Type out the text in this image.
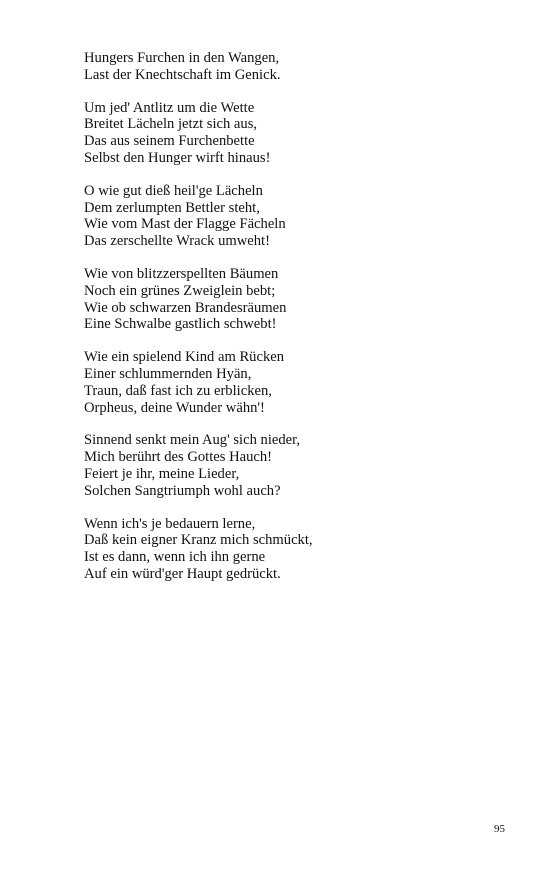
Hungers Furchen in den Wangen,
Last der Knechtschaft im Genick.
Um jed' Antlitz um die Wette
Breitet Lächeln jetzt sich aus,
Das aus seinem Furchenbette
Selbst den Hunger wirft hinaus!
O wie gut dieß heil'ge Lächeln
Dem zerlumpten Bettler steht,
Wie vom Mast der Flagge Fächeln
Das zerschellte Wrack umweht!
Wie von blitzzerspellten Bäumen
Noch ein grünes Zweiglein bebt;
Wie ob schwarzen Brandesräumen
Eine Schwalbe gastlich schwebt!
Wie ein spielend Kind am Rücken
Einer schlummernden Hyän,
Traun, daß fast ich zu erblicken,
Orpheus, deine Wunder wähn'!
Sinnend senkt mein Aug' sich nieder,
Mich berührt des Gottes Hauch!
Feiert je ihr, meine Lieder,
Solchen Sangtriumph wohl auch?
Wenn ich's je bedauern lerne,
Daß kein eigner Kranz mich schmückt,
Ist es dann, wenn ich ihn gerne
Auf ein würd'ger Haupt gedrückt.
95
